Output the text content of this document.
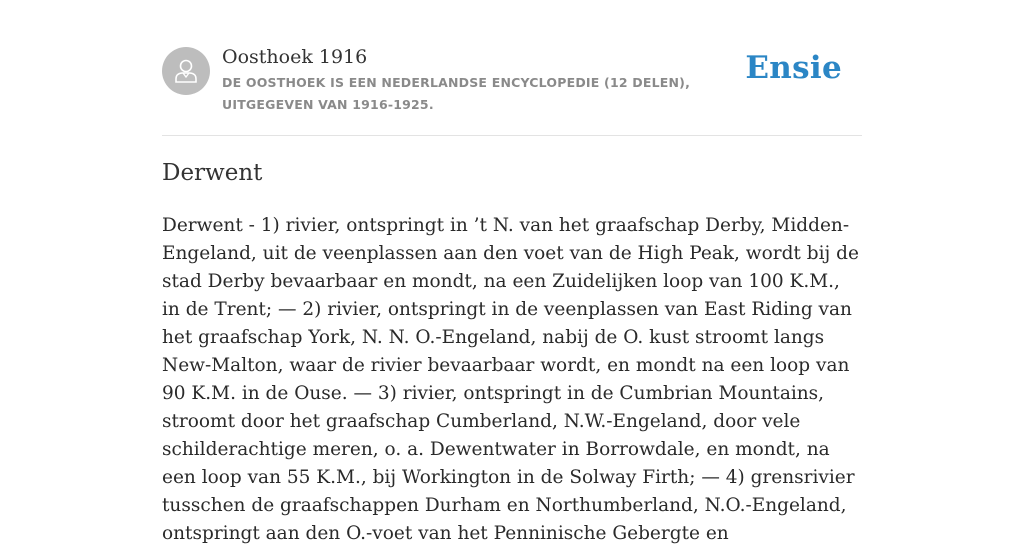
Oosthoek 1916
DE OOSTHOEK IS EEN NEDERLANDSE ENCYCLOPEDIE (12 DELEN), UITGEGEVEN VAN 1916-1925.
Ensie
Derwent

Derwent - 1) rivier, ontspringt in ’t N. van het graafschap Derby, Midden-Engeland, uit de veenplassen aan den voet van de High Peak, wordt bij de stad Derby bevaarbaar en mondt, na een Zuidelijken loop van 100 K.M., in de Trent; — 2) rivier, ontspringt in de veenplassen van East Riding van het graafschap York, N. N. O.-Engeland, nabij de O. kust stroomt langs New-Malton, waar de rivier bevaarbaar wordt, en mondt na een loop van 90 K.M. in de Ouse. — 3) rivier, ontspringt in de Cumbrian Mountains, stroomt door het graafschap Cumberland, N.W.-Engeland, door vele schilderachtige meren, o. a. Dewentwater in Borrowdale, en mondt, na een loop van 55 K.M., bij Workington in de Solway Firth; — 4) grensrivier tusschen de graafschappen Durham en Northumberland, N.O.-Engeland, ontspringt aan den O.-voet van het Penninische Gebergte en
